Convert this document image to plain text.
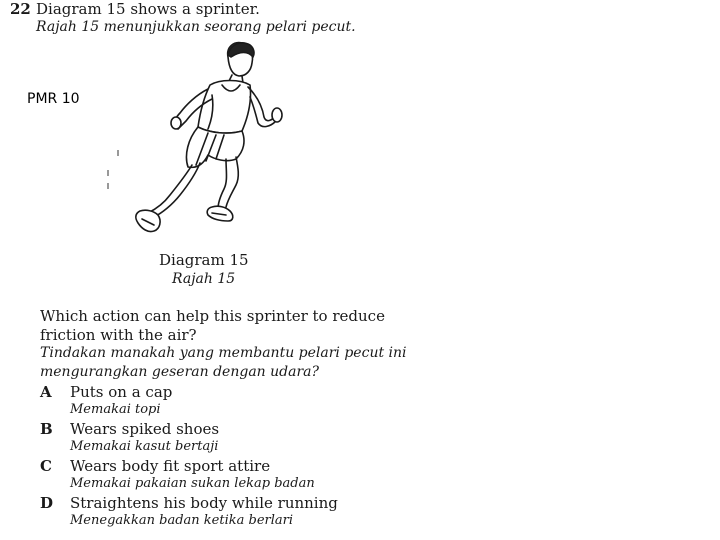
22 Diagram 15 shows a sprinter.
Rajah 15 menunjukkan seorang pelari pecut.
PMR 10
Diagram 15
Rajah 15
Which action can help this sprinter to reduce
friction with the air?
Tindakan manakah yang membantu pelari pecut ini
mengurangkan geseran dengan udara?
A Puts on a cap
Memakai topi
B Wears spiked shoes
Memakai kasut bertaji
C Wears body fit sport attire
Memakai pakaian sukan lekap badan
D Straightens his body while running
Menegakkan badan ketika berlari
